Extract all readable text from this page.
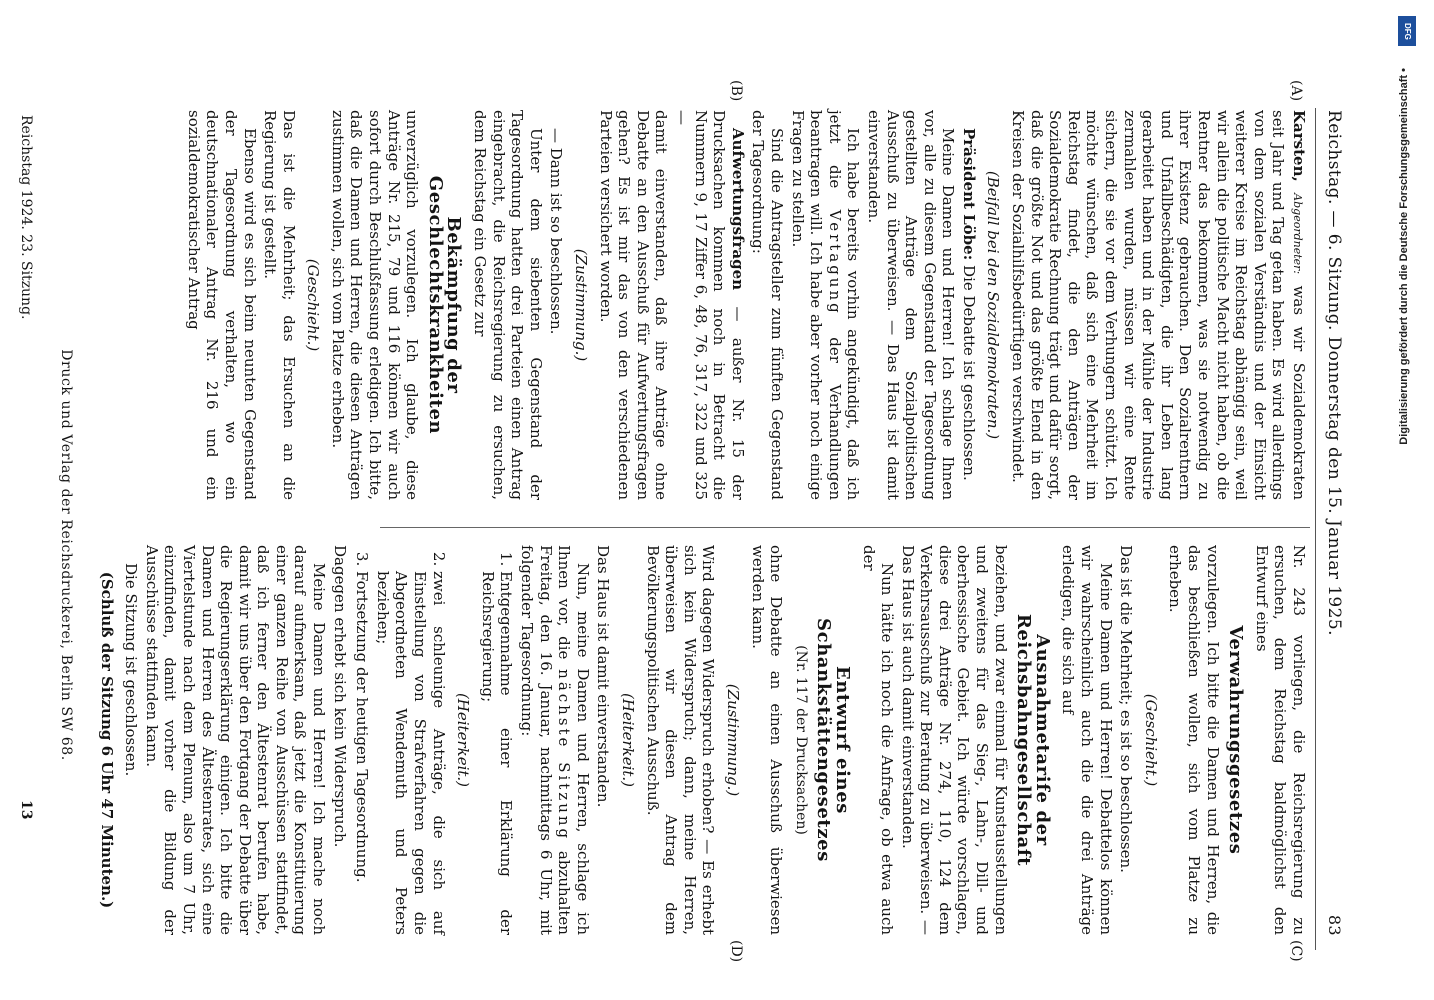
Reichstag. — 6. Sitzung. Donnerstag den 15. Januar 1925.
83
(A)
(B)
(C)
(D)

Karsten, Abgeordneter: was wir Sozialdemokraten seit Jahr und Tag getan haben. Es wird allerdings von dem sozialen Verständnis und der Einsicht weiterer Kreise im Reichstag abhängig sein, weil wir allein die politische Macht nicht haben, ob die Rentner das bekommen, was sie notwendig zu ihrer Existenz gebrauchen. Den Sozialrentnern und Unfallbeschädigten, die ihr Leben lang gearbeitet haben und in der Mühle der Industrie zermahlen wurden, müssen wir eine Rente sichern, die sie vor dem Verhungern schützt. Ich möchte wünschen, daß sich eine Mehrheit im Reichstag findet, die den Anträgen der Sozialdemokratie Rechnung trägt und dafür sorgt, daß die größte Not und das größte Elend in den Kreisen der Sozialhilfsbedürftigen verschwindet.

(Beifall bei den Sozialdemokraten.)

Präsident Löbe: Die Debatte ist geschlossen.

Meine Damen und Herren! Ich schlage Ihnen vor, alle zu diesem Gegenstand der Tagesordnung gestellten Anträge dem Sozialpolitischen Ausschuß zu überweisen. — Das Haus ist damit einverstanden.

Ich habe bereits vorhin angekündigt, daß ich jetzt die Vertagung der Verhandlungen beantragen will. Ich habe aber vorher noch einige Fragen zu stellen.

Sind die Antragsteller zum fünften Gegenstand der Tagesordnung:

Aufwertungsfragen — außer Nr. 15 der Drucksachen kommen noch in Betracht die Nummern 9, 17 Ziffer 6, 48, 76, 317, 322 und 325—

damit einverstanden, daß ihre Anträge ohne Debatte an den Ausschuß für Aufwertungsfragen gehen? Es ist mir das von den verschiedenen Parteien versichert worden.

(Zustimmung.)

— Dann ist so beschlossen.

Unter dem siebenten Gegenstand der Tagesordnung hatten drei Parteien einen Antrag eingebracht, die Reichsregierung zu ersuchen, dem Reichstag ein Gesetz zur

Bekämpfung der Geschlechtskrankheiten

unverzüglich vorzulegen. Ich glaube, diese Anträge Nr. 215, 79 und 116 können wir auch sofort durch Beschlußfassung erledigen. Ich bitte, daß die Damen und Herren, die diesen Anträgen zustimmen wollen, sich vom Platze erheben.

(Geschieht.)

Das ist die Mehrheit; das Ersuchen an die Regierung ist gestellt.

Ebenso wird es sich beim neunten Gegenstand der Tagesordnung verhalten, wo ein deutschnationaler Antrag Nr. 216 und ein sozialdemokratischer Antrag

Nr. 243 vorliegen, die Reichsregierung zu ersuchen, dem Reichstag baldmöglichst den Entwurf eines

Verwahrungsgesetzes

vorzulegen. Ich bitte die Damen und Herren, die das beschließen wollen, sich vom Platze zu erheben.

(Geschieht.)

Das ist die Mehrheit; es ist so beschlossen.

Meine Damen und Herren! Debattelos können wir wahrscheinlich auch die die drei Anträge erledigen, die sich auf

Ausnahmetarife der Reichsbahngesellschaft

beziehen, und zwar einmal für Kunstausstellungen und zweitens für das Sieg-, Lahn-, Dill- und oberhessische Gebiet. Ich würde vorschlagen, diese drei Anträge Nr. 274, 110, 124 dem Verkehrsausschuß zur Beratung zu überweisen. — Das Haus ist auch damit einverstanden.

Nun hätte ich noch die Anfrage, ob etwa auch der

Entwurf eines Schankstättengesetzes

(Nr. 117 der Drucksachen)

ohne Debatte an einen Ausschuß überwiesen werden kann.

(Zustimmung.)

Wird dagegen Widerspruch erhoben? — Es erhebt sich kein Widerspruch; dann, meine Herren, überweisen wir diesen Antrag dem Bevölkerungspolitischen Ausschuß.

(Heiterkeit.)

Das Haus ist damit einverstanden.

Nun, meine Damen und Herren, schlage ich Ihnen vor, die nächste Sitzung abzuhalten Freitag, den 16. Januar, nachmittags 6 Uhr, mit folgender Tagesordnung:

1. Entgegennahme einer Erklärung der Reichsregierung;

(Heiterkeit.)

2. zwei schleunige Anträge, die sich auf Einstellung von Strafverfahren gegen die Abgeordneten Wendemuth und Peters beziehen;
3. Fortsetzung der heutigen Tagesordnung.

Dagegen erhebt sich kein Widerspruch.

Meine Damen und Herren! Ich mache noch darauf aufmerksam, daß jetzt die Konstituierung einer ganzen Reihe von Ausschüssen stattfindet, daß ich ferner den Ältestenrat berufen habe, damit wir uns über den Fortgang der Debatte über die Regierungserklärung einigen. Ich bitte die Damen und Herren des Ältestenrates, sich eine Viertelstunde nach dem Plenum, also um 7 Uhr, einzufinden, damit vorher die Bildung der Ausschüsse stattfinden kann.

Die Sitzung ist geschlossen.

(Schluß der Sitzung 6 Uhr 47 Minuten.)

Druck und Verlag der Reichsdruckerei, Berlin SW 68.
Reichstag 1924. 23. Sitzung.
13
DFG
Digitalisierung gefördert durch die Deutsche Forschungsgemeinschaft •
